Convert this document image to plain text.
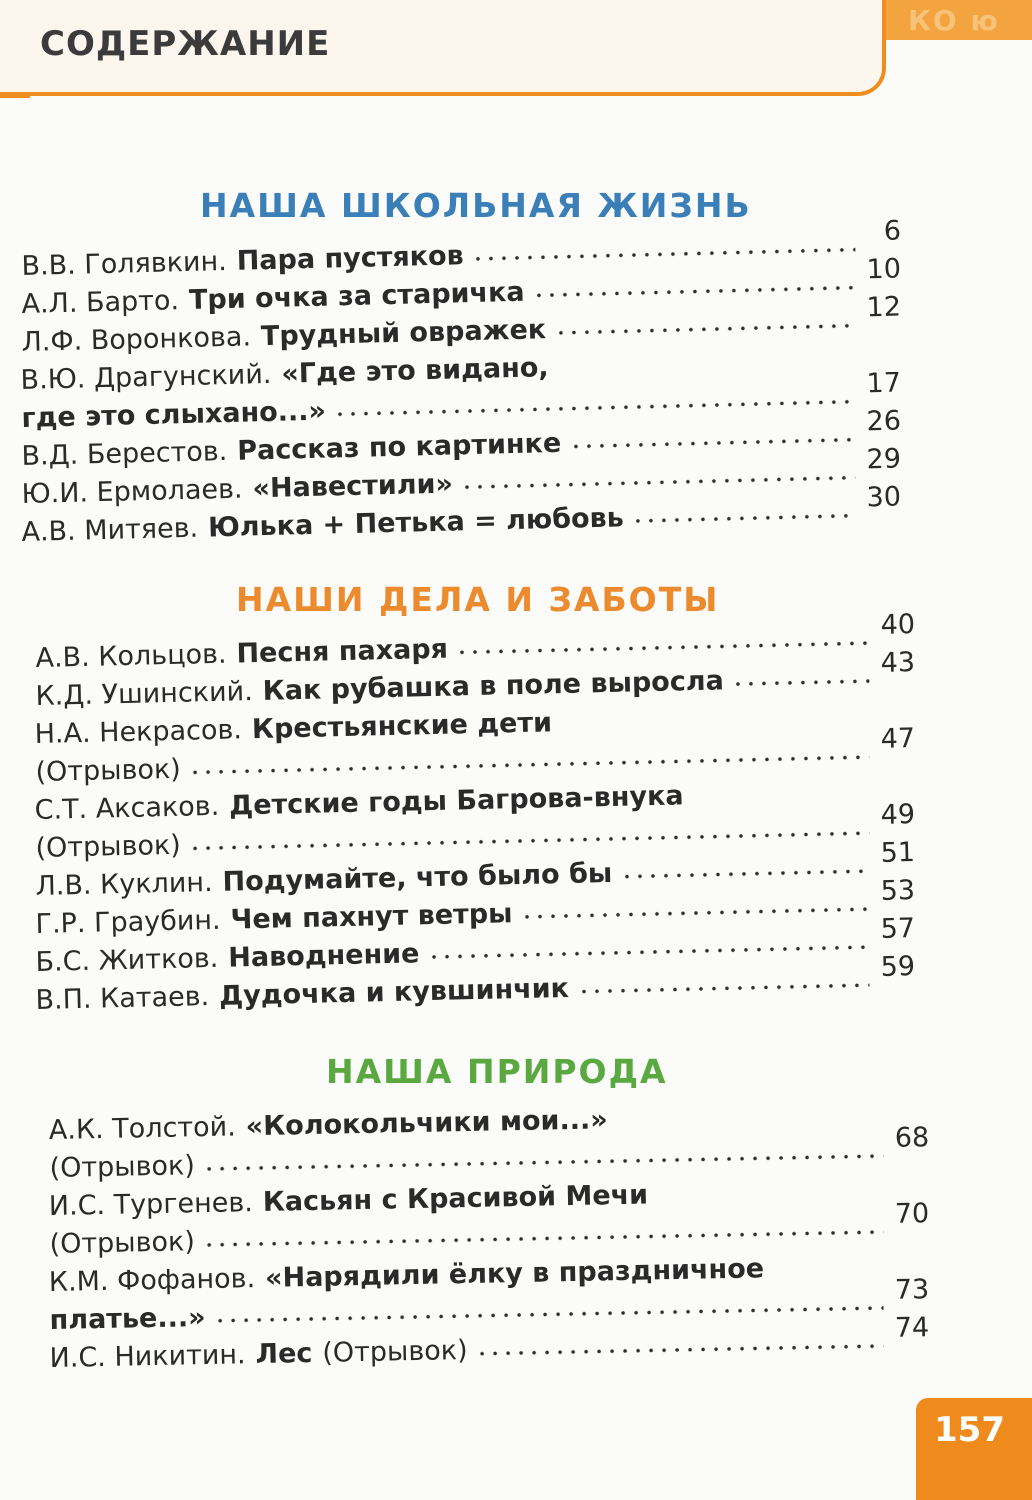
КО ю
СОДЕРЖАНИЕ
НАША ШКОЛЬНАЯ ЖИЗНЬ
В.В. Голявкин. Пара пустяков
6
А.Л. Барто. Три очка за старичка
10
Л.Ф. Воронкова. Трудный овражек
12
В.Ю. Драгунский. «Где это видано,
где это слыхано...»
17
В.Д. Берестов. Рассказ по картинке
26
Ю.И. Ермолаев. «Навестили»
29
А.В. Митяев. Юлька + Петька = любовь
30
НАШИ ДЕЛА И ЗАБОТЫ
А.В. Кольцов. Песня пахаря
40
К.Д. Ушинский. Как рубашка в поле выросла
43
Н.А. Некрасов. Крестьянские дети
(Отрывок)
47
С.Т. Аксаков. Детские годы Багрова-внука
(Отрывок)
49
Л.В. Куклин. Подумайте, что было бы
51
Г.Р. Граубин. Чем пахнут ветры
53
Б.С. Житков. Наводнение
57
В.П. Катаев. Дудочка и кувшинчик
59
НАША ПРИРОДА
А.К. Толстой. «Колокольчики мои...»
(Отрывок)
68
И.С. Тургенев. Касьян с Красивой Мечи
(Отрывок)
70
К.М. Фофанов. «Нарядили ёлку в праздничное
платье...»
73
И.С. Никитин. Лес (Отрывок)
74
157
